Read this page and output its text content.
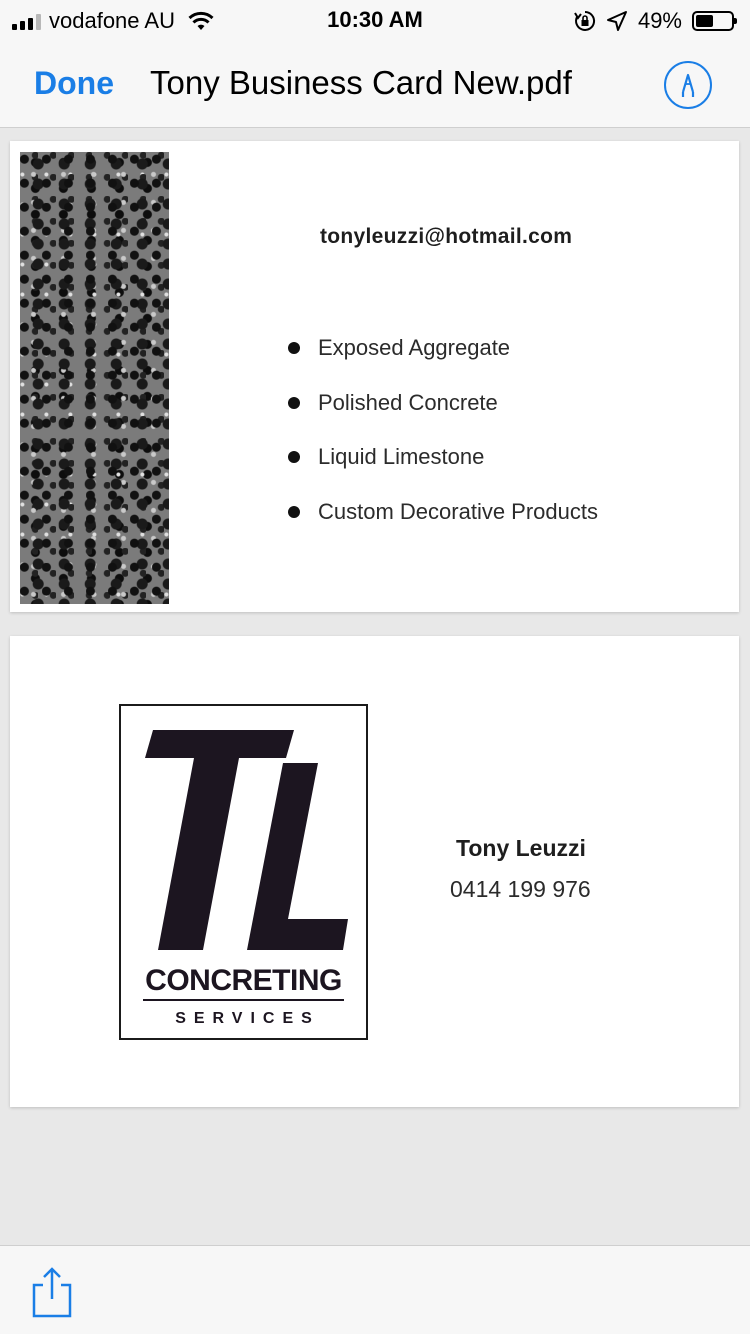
vodafone AU	10:30 AM	49%
Done Tony Business Card New.pdf
tonyleuzzi@hotmail.com
Exposed Aggregate
Polished Concrete
Liquid Limestone
Custom Decorative Products
CONCRETING
SERVICES
Tony Leuzzi
0414 199 976
